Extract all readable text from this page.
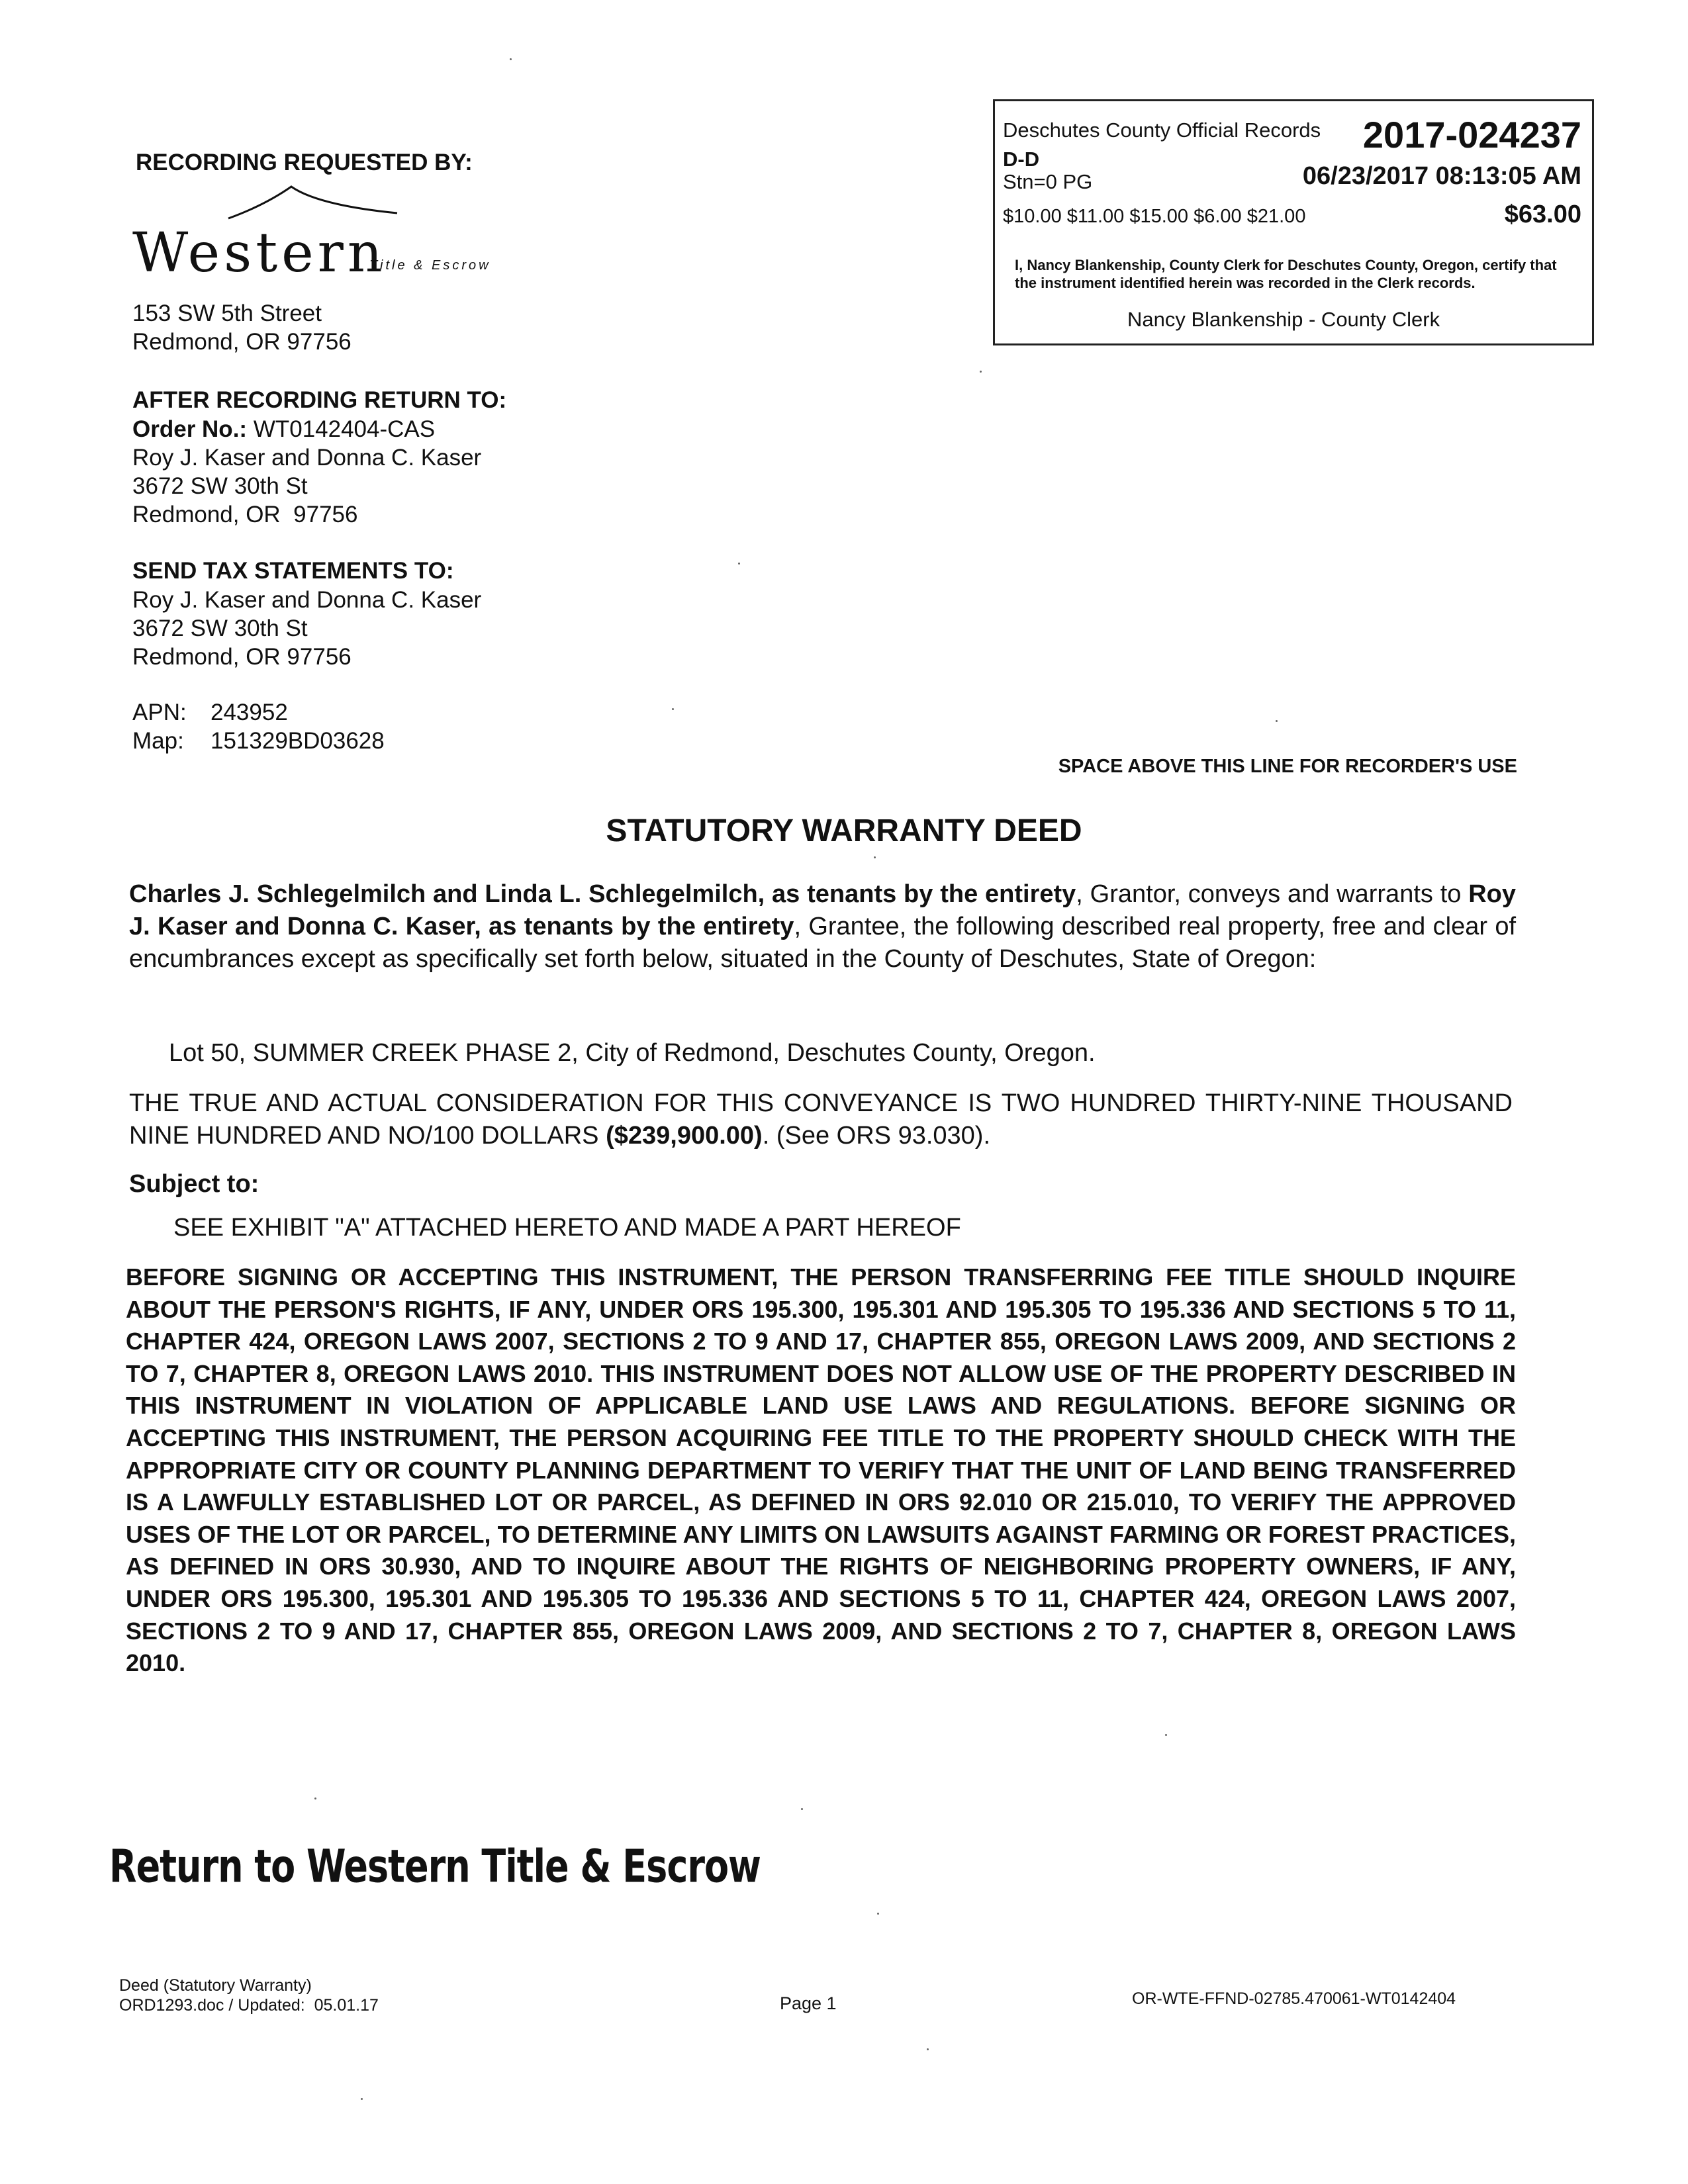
RECORDING REQUESTED BY:
Western
Title & Escrow
153 SW 5th Street
Redmond, OR 97756
Deschutes County Official Records 2017-024237
D-D
Stn=0 PG	06/23/2017 08:13:05 AM
$10.00 $11.00 $15.00 $6.00 $21.00	$63.00
I, Nancy Blankenship, County Clerk for Deschutes County, Oregon, certify that the instrument identified herein was recorded in the Clerk records.
Nancy Blankenship - County Clerk
AFTER RECORDING RETURN TO:
Order No.: WT0142404-CAS
Roy J. Kaser and Donna C. Kaser
3672 SW 30th St
Redmond, OR  97756
SEND TAX STATEMENTS TO:
Roy J. Kaser and Donna C. Kaser
3672 SW 30th St
Redmond, OR 97756
APN: 243952
Map: 151329BD03628
SPACE ABOVE THIS LINE FOR RECORDER'S USE
STATUTORY WARRANTY DEED
Charles J. Schlegelmilch and Linda L. Schlegelmilch, as tenants by the entirety, Grantor, conveys and warrants to Roy J. Kaser and Donna C. Kaser, as tenants by the entirety, Grantee, the following described real property, free and clear of encumbrances except as specifically set forth below, situated in the County of Deschutes, State of Oregon:
Lot 50, SUMMER CREEK PHASE 2, City of Redmond, Deschutes County, Oregon.
THE TRUE AND ACTUAL CONSIDERATION FOR THIS CONVEYANCE IS TWO HUNDRED THIRTY-NINE THOUSAND NINE HUNDRED AND NO/100 DOLLARS ($239,900.00). (See ORS 93.030).
Subject to:
SEE EXHIBIT "A" ATTACHED HERETO AND MADE A PART HEREOF
BEFORE SIGNING OR ACCEPTING THIS INSTRUMENT, THE PERSON TRANSFERRING FEE TITLE SHOULD INQUIRE ABOUT THE PERSON'S RIGHTS, IF ANY, UNDER ORS 195.300, 195.301 AND 195.305 TO 195.336 AND SECTIONS 5 TO 11, CHAPTER 424, OREGON LAWS 2007, SECTIONS 2 TO 9 AND 17, CHAPTER 855, OREGON LAWS 2009, AND SECTIONS 2 TO 7, CHAPTER 8, OREGON LAWS 2010. THIS INSTRUMENT DOES NOT ALLOW USE OF THE PROPERTY DESCRIBED IN THIS INSTRUMENT IN VIOLATION OF APPLICABLE LAND USE LAWS AND REGULATIONS. BEFORE SIGNING OR ACCEPTING THIS INSTRUMENT, THE PERSON ACQUIRING FEE TITLE TO THE PROPERTY SHOULD CHECK WITH THE APPROPRIATE CITY OR COUNTY PLANNING DEPARTMENT TO VERIFY THAT THE UNIT OF LAND BEING TRANSFERRED IS A LAWFULLY ESTABLISHED LOT OR PARCEL, AS DEFINED IN ORS 92.010 OR 215.010, TO VERIFY THE APPROVED USES OF THE LOT OR PARCEL, TO DETERMINE ANY LIMITS ON LAWSUITS AGAINST FARMING OR FOREST PRACTICES, AS DEFINED IN ORS 30.930, AND TO INQUIRE ABOUT THE RIGHTS OF NEIGHBORING PROPERTY OWNERS, IF ANY, UNDER ORS 195.300, 195.301 AND 195.305 TO 195.336 AND SECTIONS 5 TO 11, CHAPTER 424, OREGON LAWS 2007, SECTIONS 2 TO 9 AND 17, CHAPTER 855, OREGON LAWS 2009, AND SECTIONS 2 TO 7, CHAPTER 8, OREGON LAWS 2010.
Return to Western Title & Escrow
Deed (Statutory Warranty)
ORD1293.doc / Updated:  05.01.17	Page 1	OR-WTE-FFND-02785.470061-WT0142404
